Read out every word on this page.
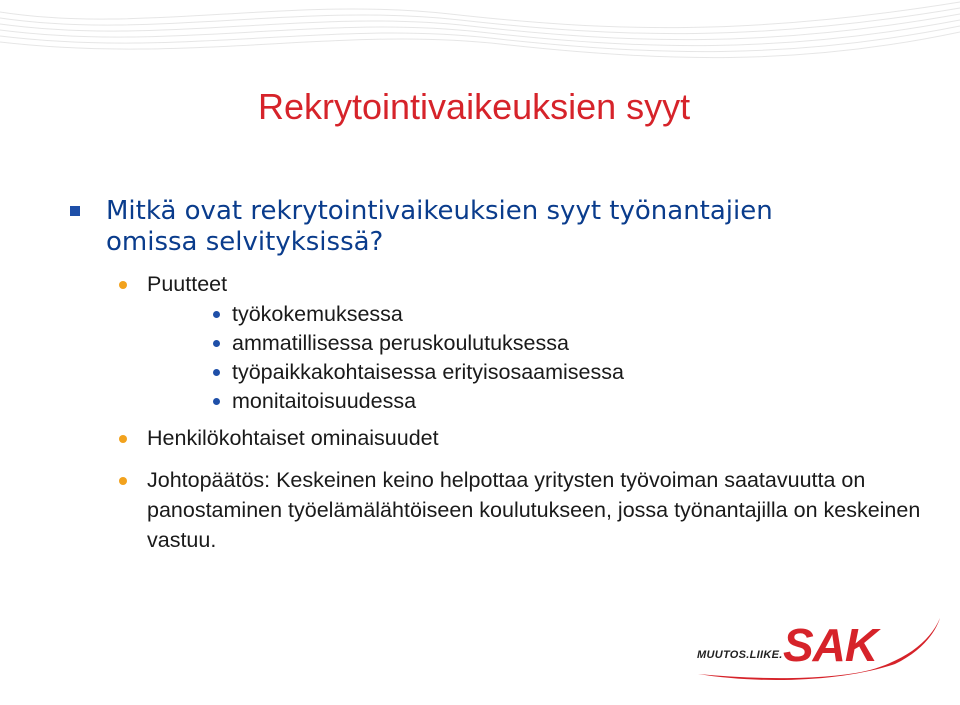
Rekrytointivaikeuksien syyt
Mitkä ovat rekrytointivaikeuksien syyt työnantajien omissa selvityksissä?
Puutteet
työkokemuksessa
ammatillisessa peruskoulutuksessa
työpaikkakohtaisessa erityisosaamisessa
monitaitoisuudessa
Henkilökohtaiset ominaisuudet
Johtopäätös: Keskeinen keino helpottaa yritysten työvoiman saatavuutta on panostaminen työelämälähtöiseen koulutukseen, jossa työnantajilla on keskeinen vastuu.
MUUTOS.LIIKE. SAK
